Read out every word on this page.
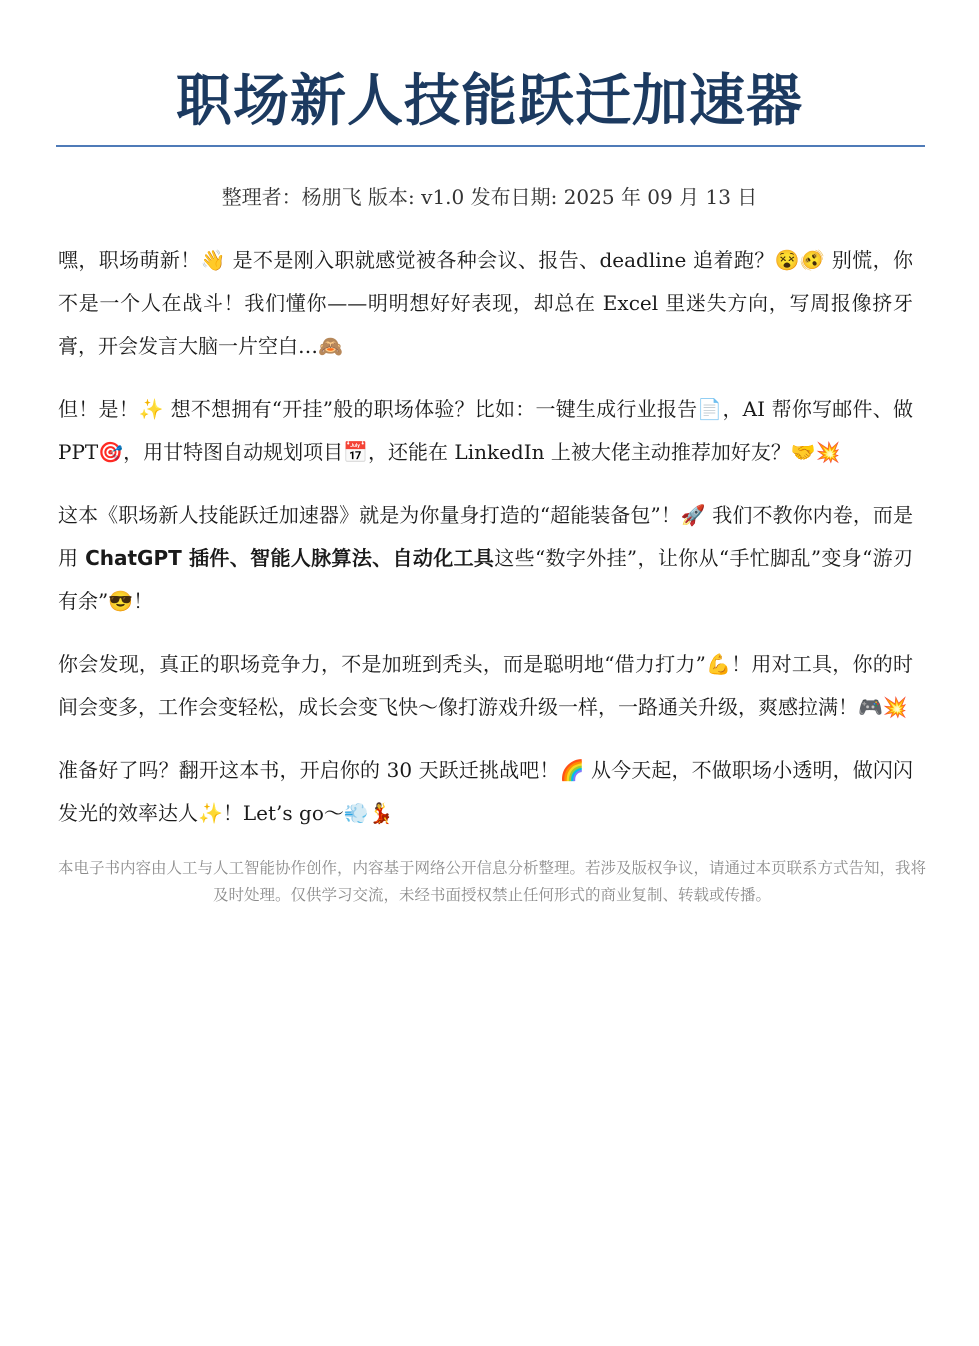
职场新人技能跃迁加速器
整理者：杨朋飞 版本: v1.0 发布日期: 2025 年 09 月 13 日

嘿，职场萌新！👋 是不是刚入职就感觉被各种会议、报告、deadline 追着跑？😵🫨 别慌，你不是一个人在战斗！我们懂你——明明想好好表现，却总在 Excel 里迷失方向，写周报像挤牙膏，开会发言大脑一片空白…🙈

但！是！✨ 想不想拥有“开挂”般的职场体验？比如：一键生成行业报告📄，AI 帮你写邮件、做 PPT🎯，用甘特图自动规划项目📅，还能在 LinkedIn 上被大佬主动推荐加好友？🤝💥

这本《职场新人技能跃迁加速器》就是为你量身打造的“超能装备包”！🚀 我们不教你内卷，而是用 ChatGPT 插件、智能人脉算法、自动化工具这些“数字外挂”，让你从“手忙脚乱”变身“游刃有余”😎！

你会发现，真正的职场竞争力，不是加班到秃头，而是聪明地“借力打力”💪！用对工具，你的时间会变多，工作会变轻松，成长会变飞快～像打游戏升级一样，一路通关升级，爽感拉满！🎮💥

准备好了吗？翻开这本书，开启你的 30 天跃迁挑战吧！🌈 从今天起，不做职场小透明，做闪闪发光的效率达人✨！Let’s go～💨💃

本电子书内容由人工与人工智能协作创作，内容基于网络公开信息分析整理。若涉及版权争议，请通过本页联系方式告知，我将及时处理。仅供学习交流，未经书面授权禁止任何形式的商业复制、转载或传播。
